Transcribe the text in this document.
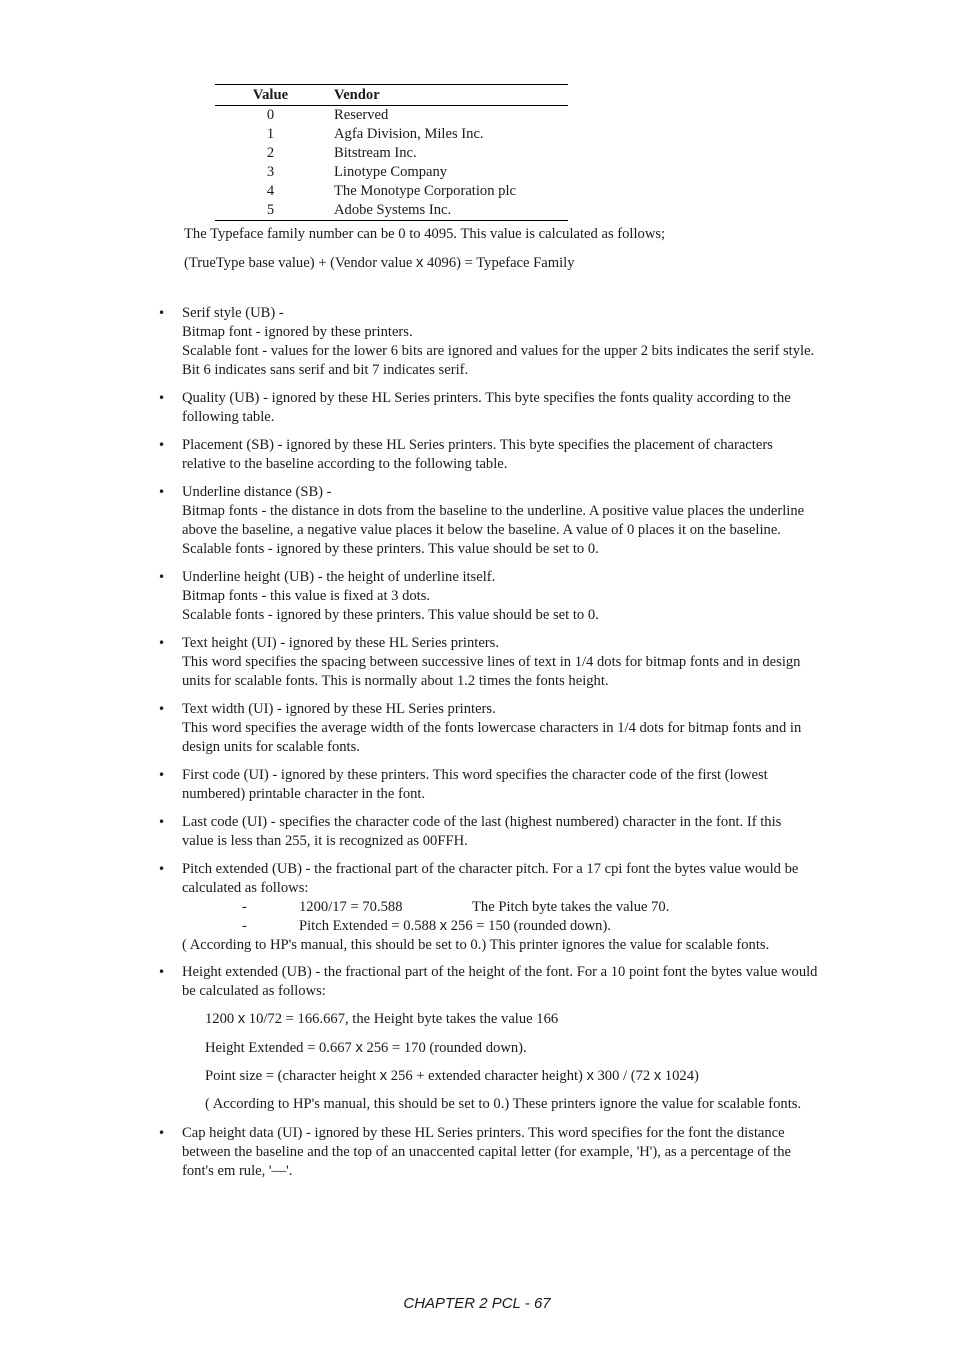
Value	Vendor
0	Reserved
1	Agfa Division, Miles Inc.
2	Bitstream Inc.
3	Linotype Company
4	The Monotype Corporation plc
5	Adobe Systems Inc.

The Typeface family number can be 0 to 4095. This value is calculated as follows;

(TrueType base value) + (Vendor value x 4096) = Typeface Family

• Serif style (UB) -
Bitmap font - ignored by these printers.
Scalable font - values for the lower 6 bits are ignored and values for the upper 2 bits indicates the serif style.
Bit 6 indicates sans serif and bit 7 indicates serif.
• Quality (UB) - ignored by these HL Series printers. This byte specifies the fonts quality according to the
following table.
• Placement (SB) - ignored by these HL Series printers. This byte specifies the placement of characters
relative to the baseline according to the following table.
• Underline distance (SB) -
Bitmap fonts - the distance in dots from the baseline to the underline. A positive value places the underline
above the baseline, a negative value places it below the baseline. A value of 0 places it on the baseline.
Scalable fonts - ignored by these printers. This value should be set to 0.
• Underline height (UB) - the height of underline itself.
Bitmap fonts - this value is fixed at 3 dots.
Scalable fonts - ignored by these printers. This value should be set to 0.
• Text height (UI) - ignored by these HL Series printers.
This word specifies the spacing between successive lines of text in 1/4 dots for bitmap fonts and in design
units for scalable fonts. This is normally about 1.2 times the fonts height.
• Text width (UI) - ignored by these HL Series printers.
This word specifies the average width of the fonts lowercase characters in 1/4 dots for bitmap fonts and in
design units for scalable fonts.
• First code (UI) - ignored by these printers. This word specifies the character code of the first (lowest
numbered) printable character in the font.
• Last code (UI) - specifies the character code of the last (highest numbered) character in the font. If this
value is less than 255, it is recognized as 00FFH.
• Pitch extended (UB) - the fractional part of the character pitch. For a 17 cpi font the bytes value would be
calculated as follows:
-	1200/17 = 70.588	The Pitch byte takes the value 70.
-	Pitch Extended = 0.588 x 256 = 150 (rounded down).
( According to HP's manual, this should be set to 0.) This printer ignores the value for scalable fonts.
• Height extended (UB) - the fractional part of the height of the font. For a 10 point font the bytes value would
be calculated as follows:

1200 x 10/72 = 166.667, the Height byte takes the value 166

Height Extended = 0.667 x 256 = 170 (rounded down).

Point size = (character height x 256 + extended character height) x 300 / (72 x 1024)

( According to HP's manual, this should be set to 0.) These printers ignore the value for scalable fonts.

• Cap height data (UI) - ignored by these HL Series printers. This word specifies for the font the distance
between the baseline and the top of an unaccented capital letter (for example, 'H'), as a percentage of the
font's em rule, '—'.
CHAPTER 2 PCL - 67
